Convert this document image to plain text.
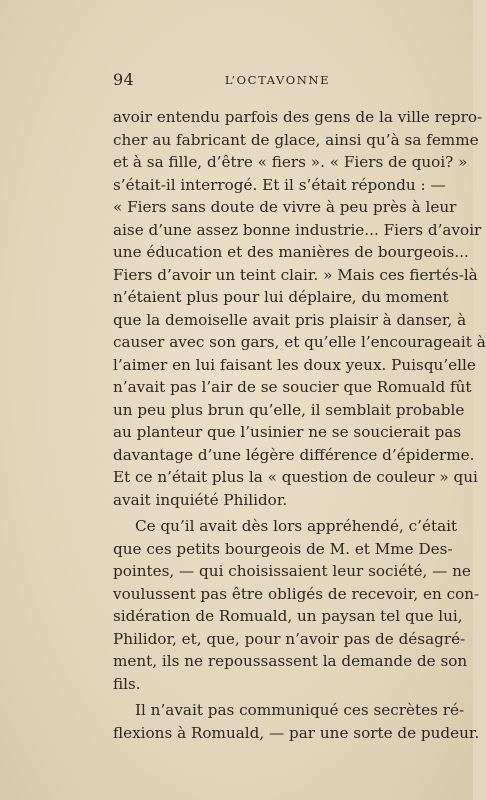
94	L’OCTAVONNE
avoir entendu parfois des gens de la ville repro-
cher au fabricant de glace, ainsi qu’à sa femme
et à sa fille, d’être « fiers ». « Fiers de quoi? »
s’était-il interrogé. Et il s’était répondu : —
« Fiers sans doute de vivre à peu près à leur
aise d’une assez bonne industrie... Fiers d’avoir
une éducation et des manières de bourgeois...
Fiers d’avoir un teint clair. » Mais ces fiertés-là
n’étaient plus pour lui déplaire, du moment
que la demoiselle avait pris plaisir à danser, à
causer avec son gars, et qu’elle l’encourageait à
l’aimer en lui faisant les doux yeux. Puisqu’elle
n’avait pas l’air de se soucier que Romuald fût
un peu plus brun qu’elle, il semblait probable
au planteur que l’usinier ne se soucierait pas
davantage d’une légère différence d’épiderme.
Et ce n’était plus la « question de couleur » qui
avait inquiété Philidor.
Ce qu’il avait dès lors appréhendé, c’était
que ces petits bourgeois de M. et Mme Des-
pointes, — qui choisissaient leur société, — ne
voulussent pas être obligés de recevoir, en con-
sidération de Romuald, un paysan tel que lui,
Philidor, et, que, pour n’avoir pas de désagré-
ment, ils ne repoussassent la demande de son
fils.
Il n’avait pas communiqué ces secrètes ré-
flexions à Romuald, — par une sorte de pudeur.
